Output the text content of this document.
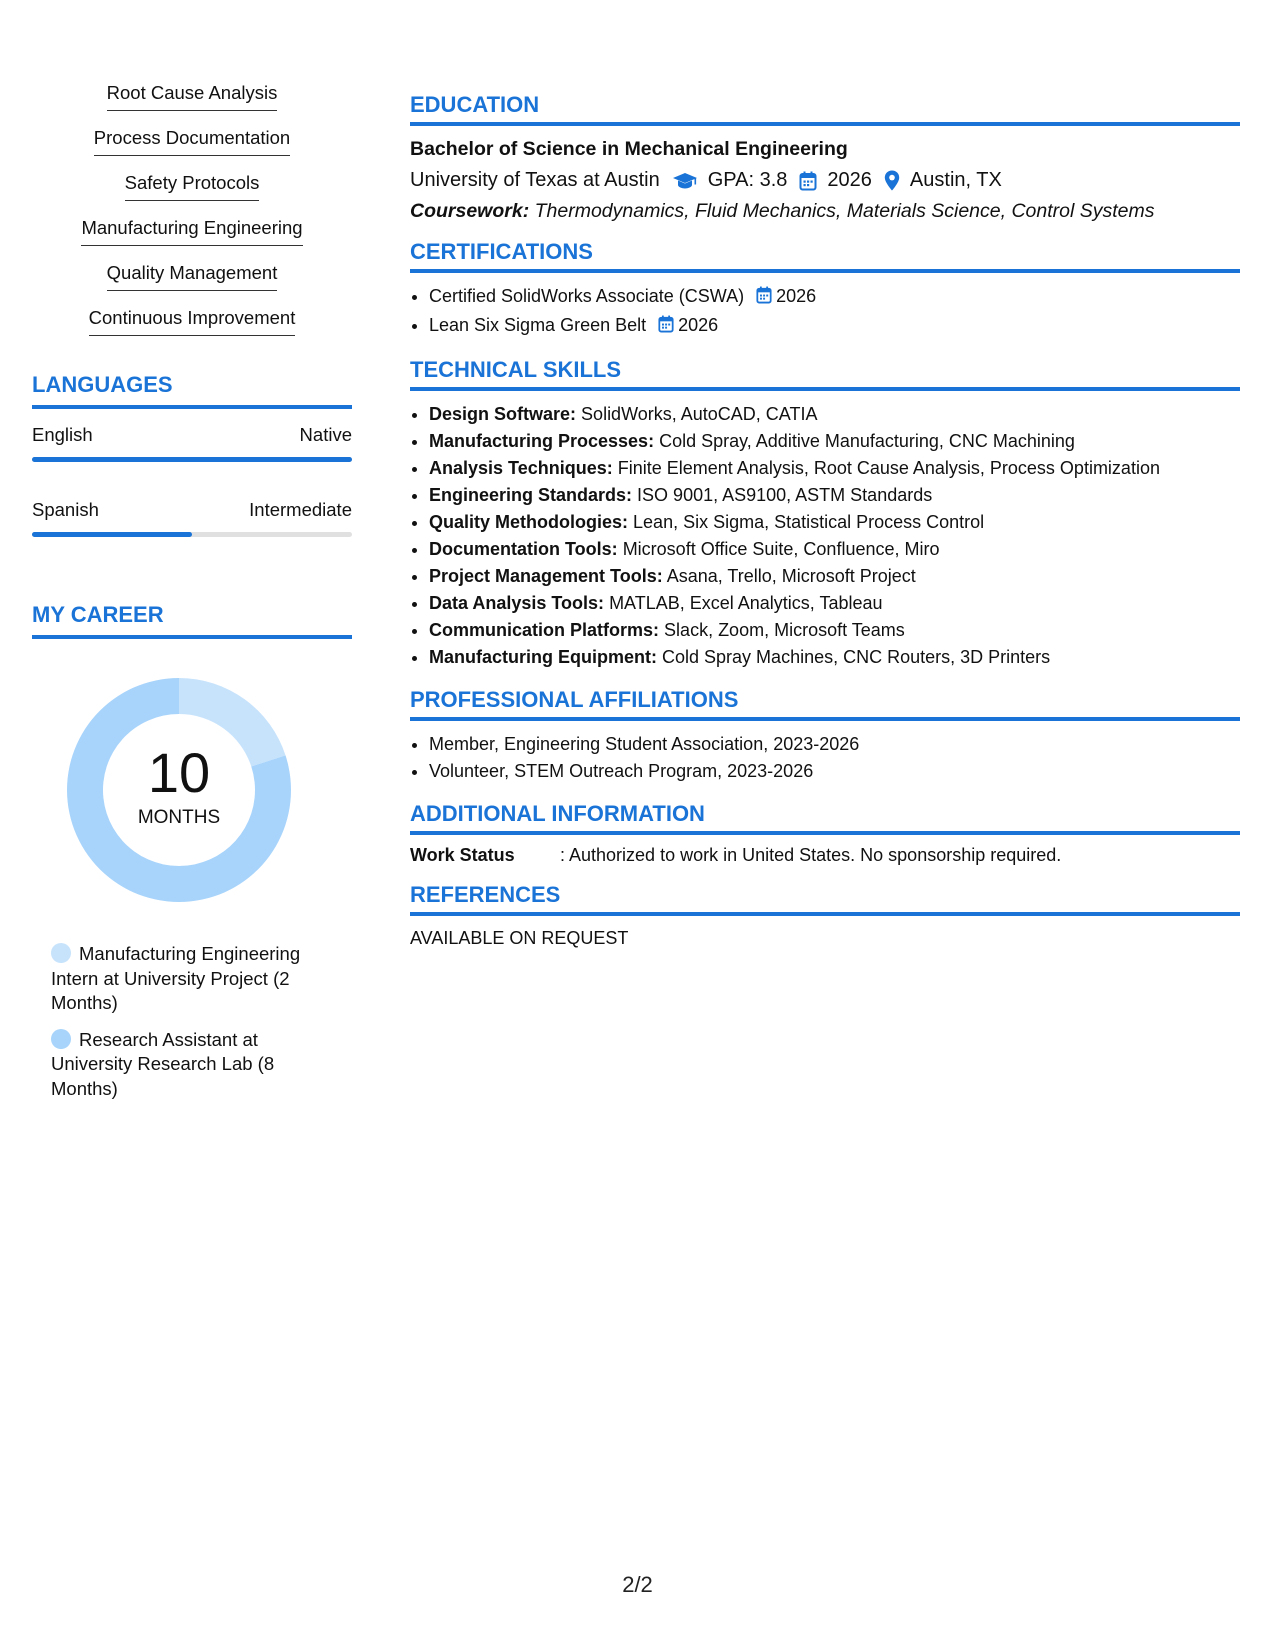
Root Cause Analysis
Process Documentation
Safety Protocols
Manufacturing Engineering
Quality Management
Continuous Improvement
LANGUAGES
English	Native
Spanish	Intermediate
MY CAREER
10
MONTHS
Manufacturing Engineering Intern at University Project (2 Months)
Research Assistant at University Research Lab (8 Months)
EDUCATION
Bachelor of Science in Mechanical Engineering
University of Texas at Austin GPA: 3.8 2026 Austin, TX
Coursework: Thermodynamics, Fluid Mechanics, Materials Science, Control Systems
CERTIFICATIONS
• Certified SolidWorks Associate (CSWA) 2026
• Lean Six Sigma Green Belt 2026
TECHNICAL SKILLS
• Design Software: SolidWorks, AutoCAD, CATIA
• Manufacturing Processes: Cold Spray, Additive Manufacturing, CNC Machining
• Analysis Techniques: Finite Element Analysis, Root Cause Analysis, Process Optimization
• Engineering Standards: ISO 9001, AS9100, ASTM Standards
• Quality Methodologies: Lean, Six Sigma, Statistical Process Control
• Documentation Tools: Microsoft Office Suite, Confluence, Miro
• Project Management Tools: Asana, Trello, Microsoft Project
• Data Analysis Tools: MATLAB, Excel Analytics, Tableau
• Communication Platforms: Slack, Zoom, Microsoft Teams
• Manufacturing Equipment: Cold Spray Machines, CNC Routers, 3D Printers
PROFESSIONAL AFFILIATIONS
• Member, Engineering Student Association, 2023-2026
• Volunteer, STEM Outreach Program, 2023-2026
ADDITIONAL INFORMATION
Work Status	: Authorized to work in United States. No sponsorship required.
REFERENCES
AVAILABLE ON REQUEST
2/2
